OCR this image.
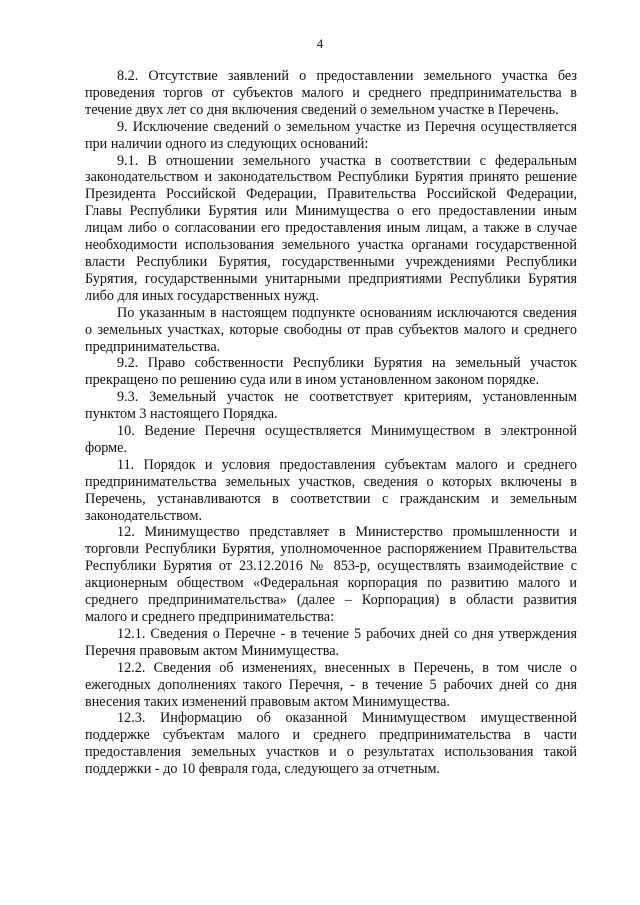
4

8.2. Отсутствие заявлений о предоставлении земельного участка без проведения торгов от субъектов малого и среднего предпринимательства в течение двух лет со дня включения сведений о земельном участке в Перечень.

9. Исключение сведений о земельном участке из Перечня осуществляется при наличии одного из следующих оснований:

9.1. В отношении земельного участка в соответствии с федеральным законодательством и законодательством Республики Бурятия принято решение Президента Российской Федерации, Правительства Российской Федерации, Главы Республики Бурятия или Минимущества о его предоставлении иным лицам либо о согласовании его предоставления иным лицам, а также в случае необходимости использования земельного участка органами государственной власти Республики Бурятия, государственными учреждениями Республики Бурятия, государственными унитарными предприятиями Республики Бурятия либо для иных государственных нужд.

По указанным в настоящем подпункте основаниям исключаются сведения о земельных участках, которые свободны от прав субъектов малого и среднего предпринимательства.

9.2. Право собственности Республики Бурятия на земельный участок прекращено по решению суда или в ином установленном законом порядке.

9.3. Земельный участок не соответствует критериям, установленным пунктом 3 настоящего Порядка.

10. Ведение Перечня осуществляется Минимуществом в электронной форме.

11. Порядок и условия предоставления субъектам малого и среднего предпринимательства земельных участков, сведения о которых включены в Перечень, устанавливаются в соответствии с гражданским и земельным законодательством.

12. Минимущество представляет в Министерство промышленности и торговли Республики Бурятия, уполномоченное распоряжением Правительства Республики Бурятия от 23.12.2016 № 853-р, осуществлять взаимодействие с акционерным обществом «Федеральная корпорация по развитию малого и среднего предпринимательства» (далее – Корпорация) в области развития малого и среднего предпринимательства:

12.1. Сведения о Перечне - в течение 5 рабочих дней со дня утверждения Перечня правовым актом Минимущества.

12.2. Сведения об изменениях, внесенных в Перечень, в том числе о ежегодных дополнениях такого Перечня, - в течение 5 рабочих дней со дня внесения таких изменений правовым актом Минимущества.

12.3. Информацию об оказанной Минимуществом имущественной поддержке субъектам малого и среднего предпринимательства в части предоставления земельных участков и о результатах использования такой поддержки - до 10 февраля года, следующего за отчетным.
